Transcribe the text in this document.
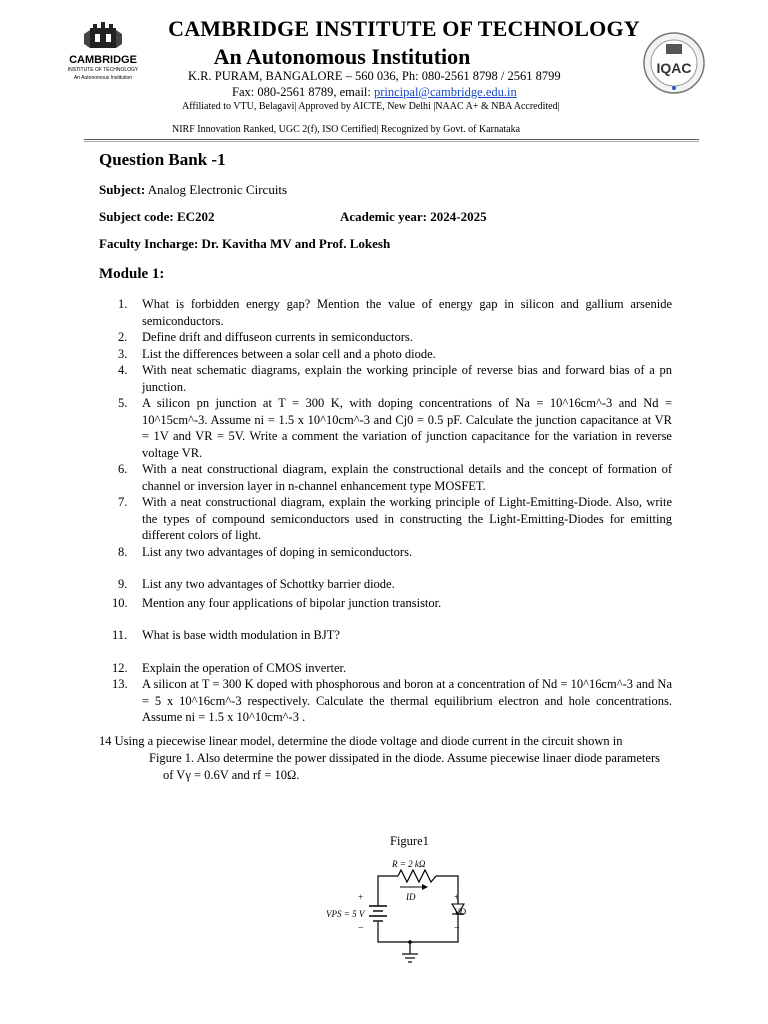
CAMBRIDGE
INSTITUTE OF TECHNOLOGY
An Autonomous Institution
CAMBRIDGE INSTITUTE OF TECHNOLOGY
An Autonomous Institution
K.R. PURAM, BANGALORE – 560 036, Ph: 080-2561 8798 / 2561 8799
Fax: 080-2561 8789, email: principal@cambridge.edu.in
Affiliated to VTU, Belagavi| Approved by AICTE, New Delhi |NAAC A+ & NBA Accredited|
NIRF Innovation Ranked, UGC 2(f), ISO Certified| Recognized by Govt. of Karnataka
IQAC
Question Bank -1
Subject: Analog Electronic Circuits
Subject code: EC202	Academic year: 2024-2025
Faculty Incharge: Dr. Kavitha MV and Prof. Lokesh
Module 1:
1. What is forbidden energy gap? Mention the value of energy gap in silicon and gallium arsenide semiconductors.
2. Define drift and diffuseon currents in semiconductors.
3. List the differences between a solar cell and a photo diode.
4. With neat schematic diagrams, explain the working principle of reverse bias and forward bias of a pn junction.
5. A silicon pn junction at T = 300 K, with doping concentrations of Na = 10^16cm^-3 and Nd = 10^15cm^-3. Assume ni = 1.5 x 10^10cm^-3 and Cj0 = 0.5 pF. Calculate the junction capacitance at VR = 1V and VR = 5V. Write a comment the variation of junction capacitance for the variation in reverse voltage VR.
6. With a neat constructional diagram, explain the constructional details and the concept of formation of channel or inversion layer in n-channel enhancement type MOSFET.
7. With a neat constructional diagram, explain the working principle of Light-Emitting-Diode. Also, write the types of compound semiconductors used in constructing the Light-Emitting-Diodes for emitting different colors of light.
8. List any two advantages of doping in semiconductors.
9. List any two advantages of Schottky barrier diode.
10. Mention any four applications of bipolar junction transistor.
11. What is base width modulation in BJT?
12. Explain the operation of CMOS inverter.
13. A silicon at T = 300 K doped with phosphorous and boron at a concentration of Nd = 10^16cm^-3 and Na = 5 x 10^16cm^-3 respectively. Calculate the thermal equilibrium electron and hole concentrations. Assume ni = 1.5 x 10^10cm^-3 .
14 Using a piecewise linear model, determine the diode voltage and diode current in the circuit shown in
Figure 1. Also determine the power dissipated in the diode. Assume piecewise linaer diode parameters
of Vγ = 0.6V and rf = 10Ω.
Figure1
R = 2 kΩ
ID
VPS = 5 V	VD
+
−
+
−
